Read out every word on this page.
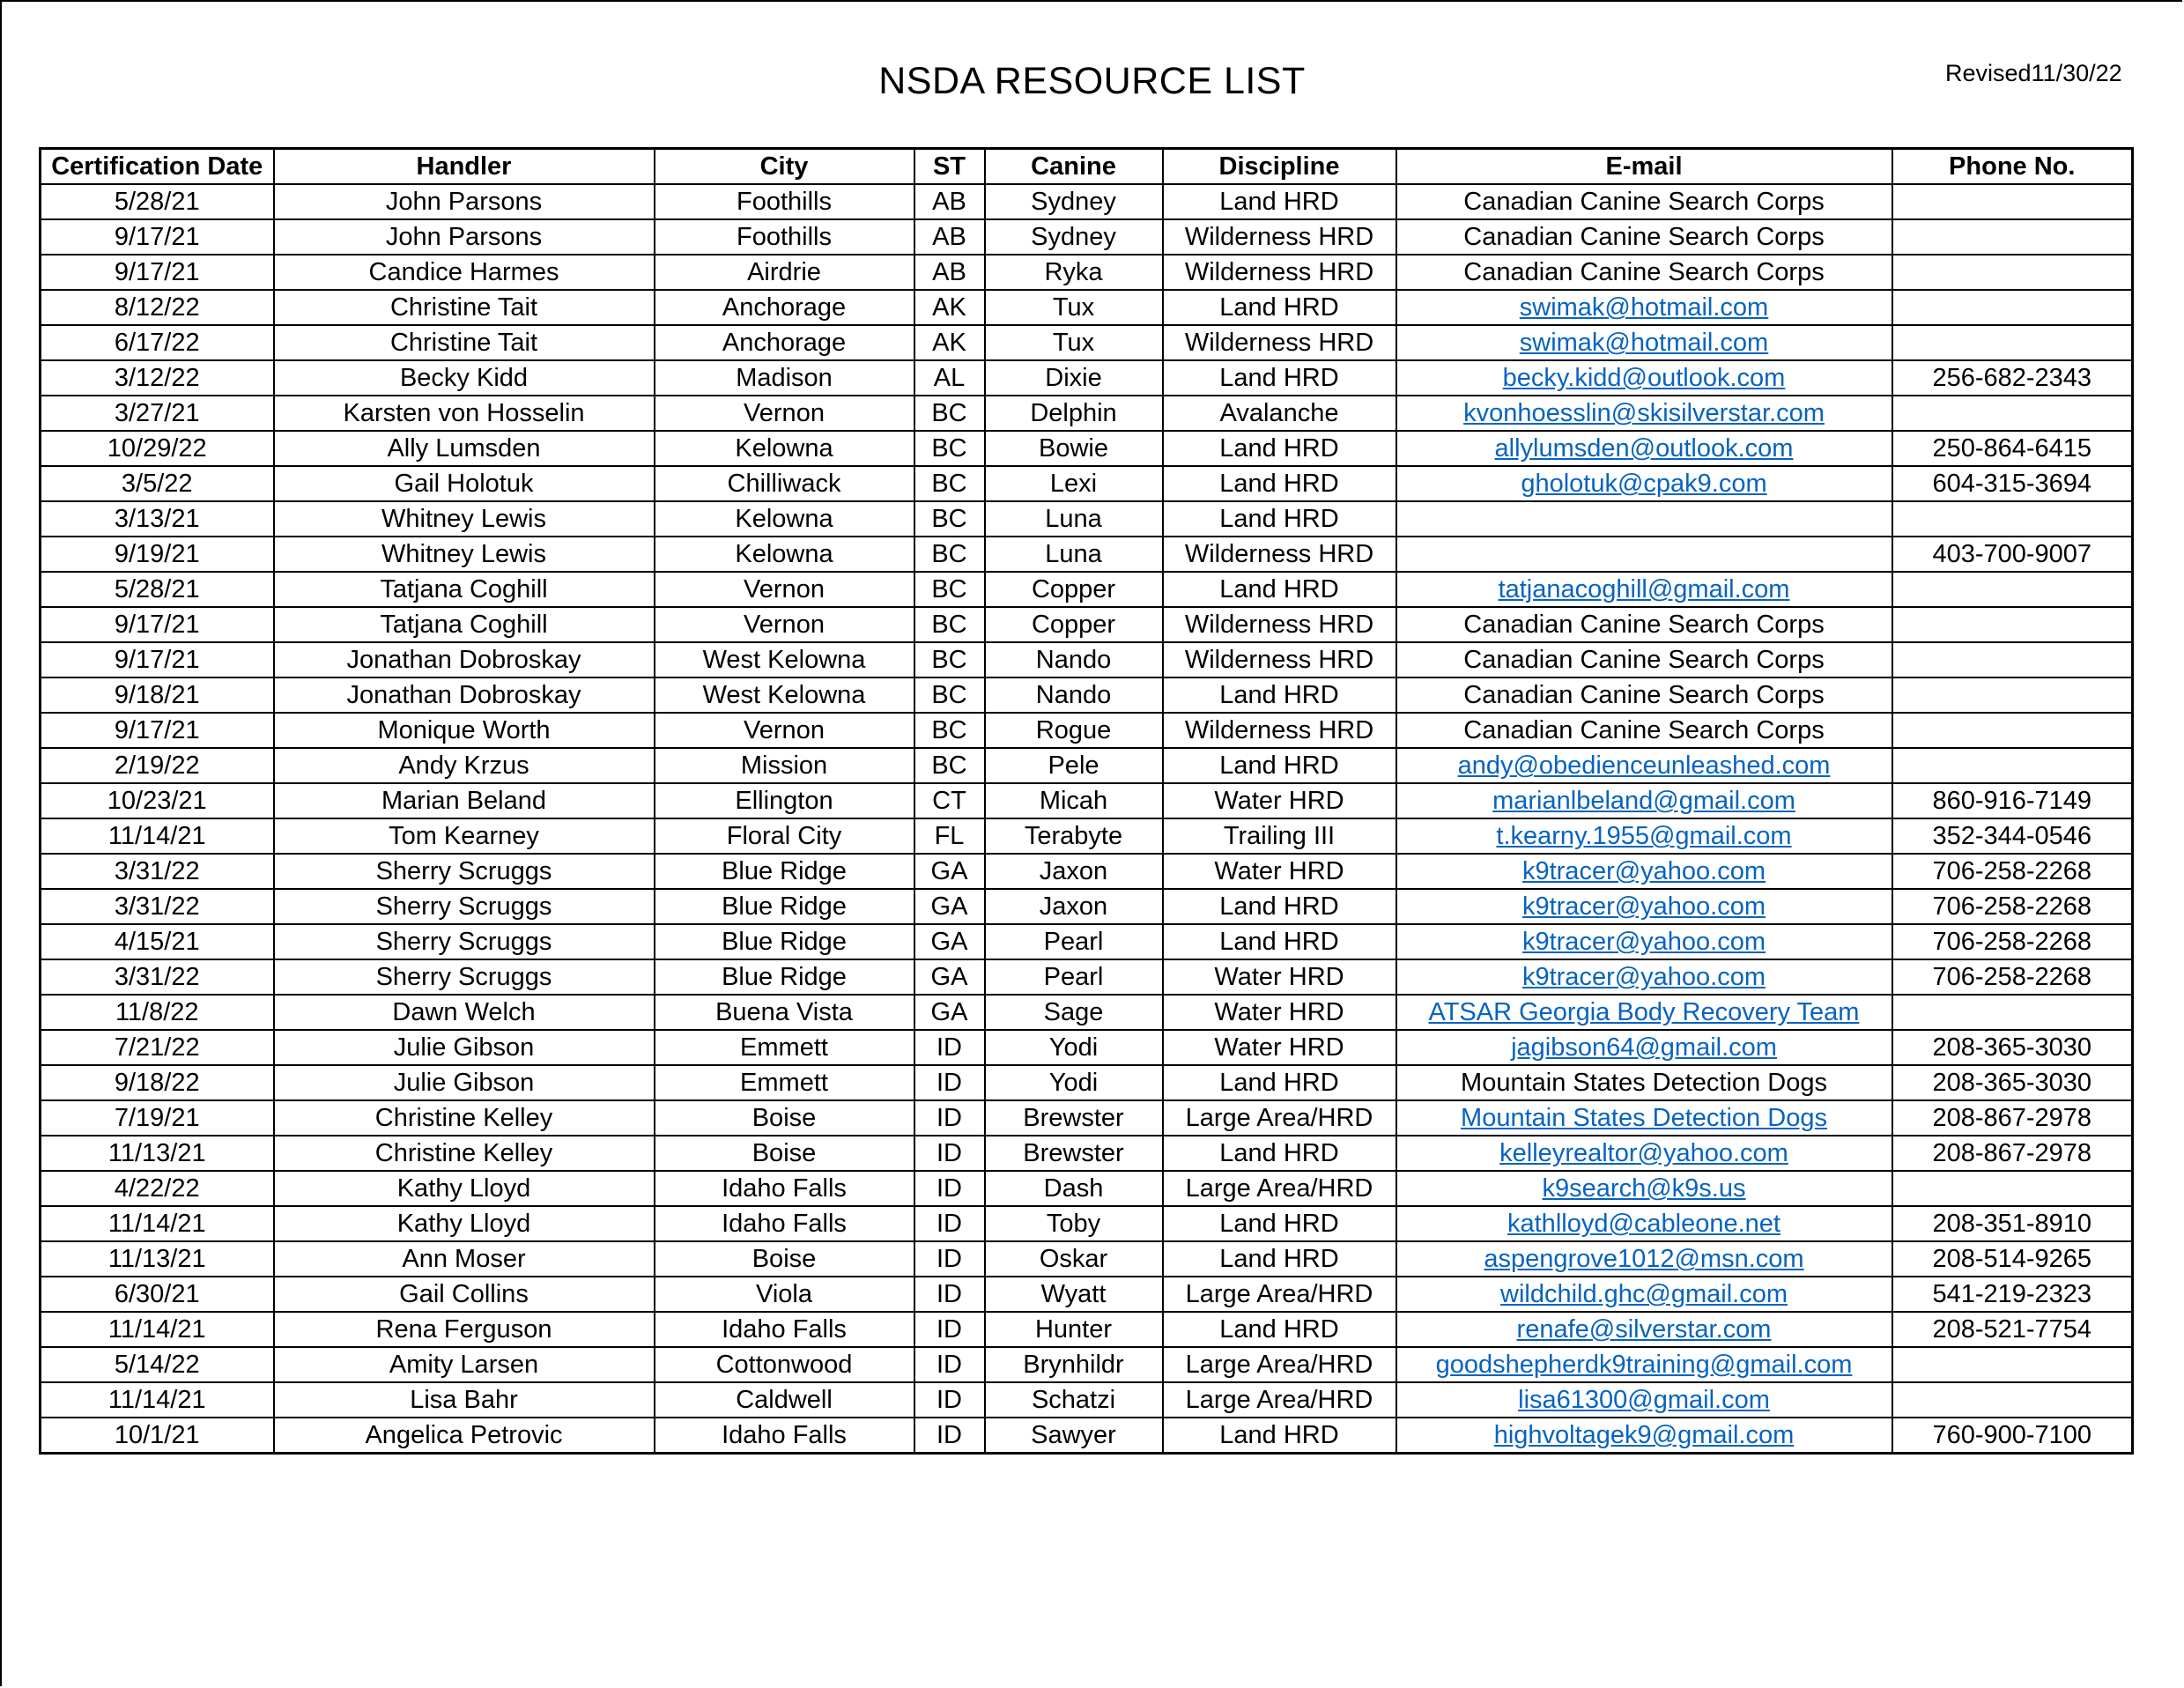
NSDA RESOURCE LIST	Revised11/30/22
Certification Date	Handler	City	ST	Canine	Discipline	E-mail	Phone No.
5/28/21	John Parsons	Foothills	AB	Sydney	Land HRD	Canadian Canine Search Corps	
9/17/21	John Parsons	Foothills	AB	Sydney	Wilderness HRD	Canadian Canine Search Corps	
9/17/21	Candice Harmes	Airdrie	AB	Ryka	Wilderness HRD	Canadian Canine Search Corps	
8/12/22	Christine Tait	Anchorage	AK	Tux	Land HRD	swimak@hotmail.com	
6/17/22	Christine Tait	Anchorage	AK	Tux	Wilderness HRD	swimak@hotmail.com	
3/12/22	Becky Kidd	Madison	AL	Dixie	Land HRD	becky.kidd@outlook.com	256-682-2343
3/27/21	Karsten von Hosselin	Vernon	BC	Delphin	Avalanche	kvonhoesslin@skisilverstar.com	
10/29/22	Ally Lumsden	Kelowna	BC	Bowie	Land HRD	allylumsden@outlook.com	250-864-6415
3/5/22	Gail Holotuk	Chilliwack	BC	Lexi	Land HRD	gholotuk@cpak9.com	604-315-3694
3/13/21	Whitney Lewis	Kelowna	BC	Luna	Land HRD		
9/19/21	Whitney Lewis	Kelowna	BC	Luna	Wilderness HRD		403-700-9007
5/28/21	Tatjana Coghill	Vernon	BC	Copper	Land HRD	tatjanacoghill@gmail.com	
9/17/21	Tatjana Coghill	Vernon	BC	Copper	Wilderness HRD	Canadian Canine Search Corps	
9/17/21	Jonathan Dobroskay	West Kelowna	BC	Nando	Wilderness HRD	Canadian Canine Search Corps	
9/18/21	Jonathan Dobroskay	West Kelowna	BC	Nando	Land HRD	Canadian Canine Search Corps	
9/17/21	Monique Worth	Vernon	BC	Rogue	Wilderness HRD	Canadian Canine Search Corps	
2/19/22	Andy Krzus	Mission	BC	Pele	Land HRD	andy@obedienceunleashed.com	
10/23/21	Marian Beland	Ellington	CT	Micah	Water HRD	marianlbeland@gmail.com	860-916-7149
11/14/21	Tom Kearney	Floral City	FL	Terabyte	Trailing III	t.kearny.1955@gmail.com	352-344-0546
3/31/22	Sherry Scruggs	Blue Ridge	GA	Jaxon	Water HRD	k9tracer@yahoo.com	706-258-2268
3/31/22	Sherry Scruggs	Blue Ridge	GA	Jaxon	Land HRD	k9tracer@yahoo.com	706-258-2268
4/15/21	Sherry Scruggs	Blue Ridge	GA	Pearl	Land HRD	k9tracer@yahoo.com	706-258-2268
3/31/22	Sherry Scruggs	Blue Ridge	GA	Pearl	Water HRD	k9tracer@yahoo.com	706-258-2268
11/8/22	Dawn Welch	Buena Vista	GA	Sage	Water HRD	ATSAR Georgia Body Recovery Team	
7/21/22	Julie Gibson	Emmett	ID	Yodi	Water HRD	jagibson64@gmail.com	208-365-3030
9/18/22	Julie Gibson	Emmett	ID	Yodi	Land HRD	Mountain States Detection Dogs	208-365-3030
7/19/21	Christine Kelley	Boise	ID	Brewster	Large Area/HRD	Mountain States Detection Dogs	208-867-2978
11/13/21	Christine Kelley	Boise	ID	Brewster	Land HRD	kelleyrealtor@yahoo.com	208-867-2978
4/22/22	Kathy Lloyd	Idaho Falls	ID	Dash	Large Area/HRD	k9search@k9s.us	
11/14/21	Kathy Lloyd	Idaho Falls	ID	Toby	Land HRD	kathlloyd@cableone.net	208-351-8910
11/13/21	Ann Moser	Boise	ID	Oskar	Land HRD	aspengrove1012@msn.com	208-514-9265
6/30/21	Gail Collins	Viola	ID	Wyatt	Large Area/HRD	wildchild.ghc@gmail.com	541-219-2323
11/14/21	Rena Ferguson	Idaho Falls	ID	Hunter	Land HRD	renafe@silverstar.com	208-521-7754
5/14/22	Amity Larsen	Cottonwood	ID	Brynhildr	Large Area/HRD	goodshepherdk9training@gmail.com	
11/14/21	Lisa Bahr	Caldwell	ID	Schatzi	Large Area/HRD	lisa61300@gmail.com	
10/1/21	Angelica Petrovic	Idaho Falls	ID	Sawyer	Land HRD	highvoltagek9@gmail.com	760-900-7100
